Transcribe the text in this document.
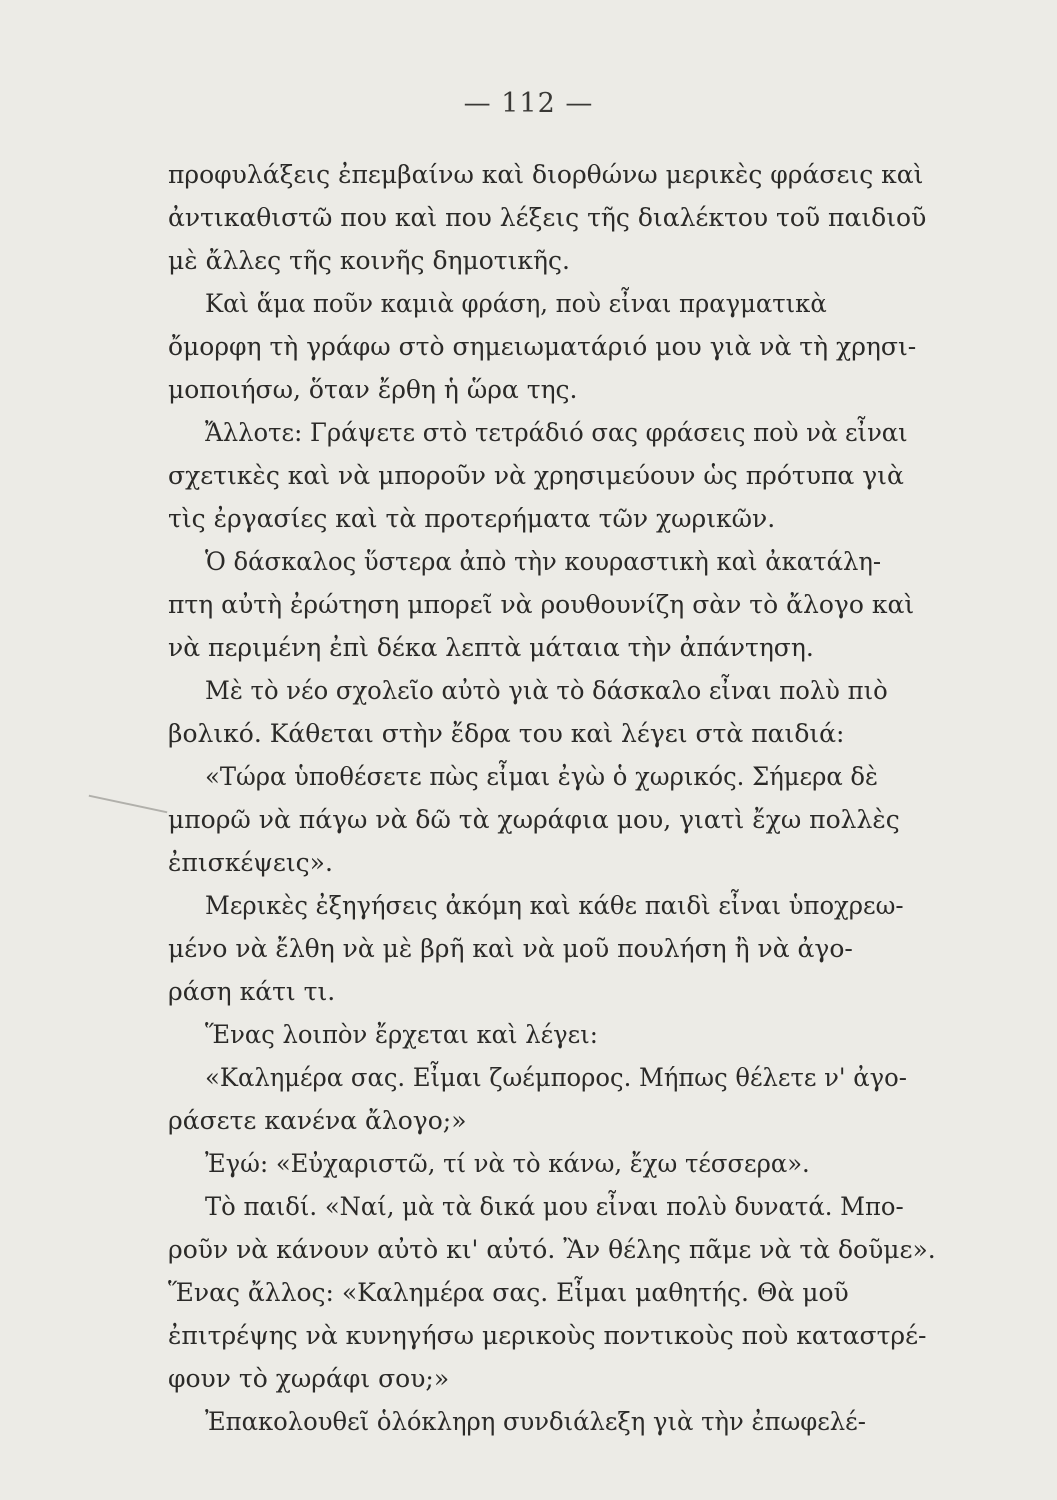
— 112 —
προφυλάξεις ἐπεμβαίνω καὶ διορθώνω μερικὲς φράσεις καὶ
ἀντικαθιστῶ που καὶ που λέξεις τῆς διαλέκτου τοῦ παιδιοῦ
μὲ ἄλλες τῆς κοινῆς δημοτικῆς.
Καὶ ἅμα ποῦν καμιὰ φράση, ποὺ εἶναι πραγματικὰ
ὄμορφη τὴ γράφω στὸ σημειωματάριό μου γιὰ νὰ τὴ χρησι-
μοποιήσω, ὅταν ἔρθη ἡ ὥρα της.
Ἄλλοτε: Γράψετε στὸ τετράδιό σας φράσεις ποὺ νὰ εἶναι
σχετικὲς καὶ νὰ μποροῦν νὰ χρησιμεύουν ὡς πρότυπα γιὰ
τὶς ἐργασίες καὶ τὰ προτερήματα τῶν χωρικῶν.
Ὁ δάσκαλος ὕστερα ἀπὸ τὴν κουραστικὴ καὶ ἀκατάλη-
πτη αὐτὴ ἐρώτηση μπορεῖ νὰ ρουθουνίζη σὰν τὸ ἄλογο καὶ
νὰ περιμένη ἐπὶ δέκα λεπτὰ μάταια τὴν ἀπάντηση.
Μὲ τὸ νέο σχολεῖο αὐτὸ γιὰ τὸ δάσκαλο εἶναι πολὺ πιὸ
βολικό. Κάθεται στὴν ἔδρα του καὶ λέγει στὰ παιδιά:
«Τώρα ὑποθέσετε πὼς εἶμαι ἐγὼ ὁ χωρικός. Σήμερα δὲ
μπορῶ νὰ πάγω νὰ δῶ τὰ χωράφια μου, γιατὶ ἔχω πολλὲς
ἐπισκέψεις».
Μερικὲς ἐξηγήσεις ἀκόμη καὶ κάθε παιδὶ εἶναι ὑποχρεω-
μένο νὰ ἔλθη νὰ μὲ βρῆ καὶ νὰ μοῦ πουλήση ἢ νὰ ἀγο-
ράση κάτι τι.
Ἕνας λοιπὸν ἔρχεται καὶ λέγει:
«Καλημέρα σας. Εἶμαι ζωέμπορος. Μήπως θέλετε ν' ἀγο-
ράσετε κανένα ἄλογο;»
Ἐγώ: «Εὐχαριστῶ, τί νὰ τὸ κάνω, ἔχω τέσσερα».
Τὸ παιδί. «Ναί, μὰ τὰ δικά μου εἶναι πολὺ δυνατά. Μπο-
ροῦν νὰ κάνουν αὐτὸ κι' αὐτό. Ἂν θέλης πᾶμε νὰ τὰ δοῦμε».
Ἕνας ἄλλος: «Καλημέρα σας. Εἶμαι μαθητής. Θὰ μοῦ
ἐπιτρέψης νὰ κυνηγήσω μερικοὺς ποντικοὺς ποὺ καταστρέ-
φουν τὸ χωράφι σου;»
Ἐπακολουθεῖ ὁλόκληρη συνδιάλεξη γιὰ τὴν ἐπωφελέ-
